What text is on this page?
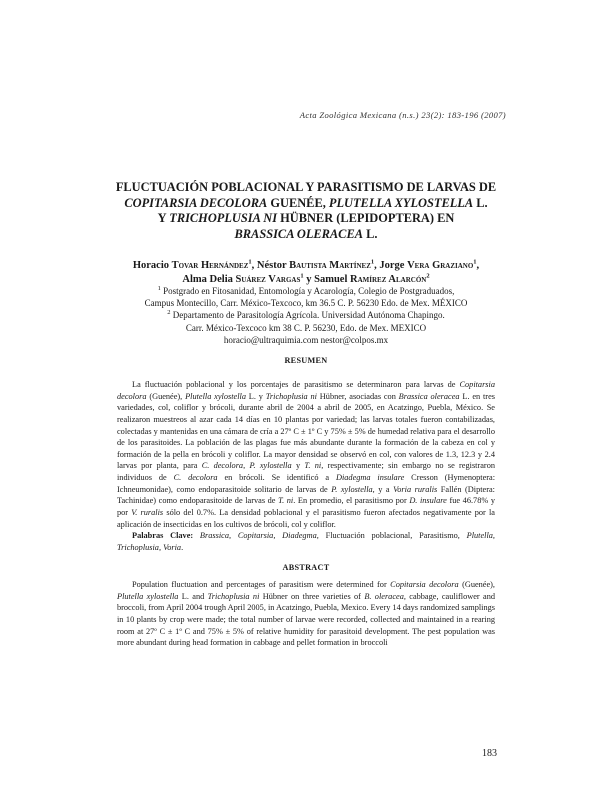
Acta Zoológica Mexicana (n.s.) 23(2): 183-196 (2007)
FLUCTUACIÓN POBLACIONAL Y PARASITISMO DE LARVAS DE
COPITARSIA DECOLORA GUENÉE, PLUTELLA XYLOSTELLA L.
Y TRICHOPLUSIA NI HÜBNER (LEPIDOPTERA) EN
BRASSICA OLERACEA L.
Horacio Tovar Hernández$^1$, Néstor Bautista Martínez$^1$, Jorge Vera Graziano$^1$,
Alma Delia Suárez Vargas$^1$ y Samuel Ramírez Alarcón$^2$
$^1$ Postgrado en Fitosanidad, Entomología y Acarología, Colegio de Postgraduados,
Campus Montecillo, Carr. México-Texcoco, km 36.5 C. P. 56230 Edo. de Mex. MÉXICO
$^2$ Departamento de Parasitología Agrícola. Universidad Autónoma Chapingo.
Carr. México-Texcoco km 38 C. P. 56230, Edo. de Mex. MEXICO
horacio@ultraquimia.com nestor@colpos.mx
RESUMEN

La fluctuación poblacional y los porcentajes de parasitismo se determinaron para larvas de Copitarsia decolora (Guenée), Plutella xylostella L. y Trichoplusia ni Hübner, asociadas con Brassica oleracea L. en tres variedades, col, coliflor y brócoli, durante abril de 2004 a abril de 2005, en Acatzingo, Puebla, México. Se realizaron muestreos al azar cada 14 días en 10 plantas por variedad; las larvas totales fueron contabilizadas, colectadas y mantenidas en una cámara de cría a 27º C ± 1º C y 75% ± 5% de humedad relativa para el desarrollo de los parasitoides. La población de las plagas fue más abundante durante la formación de la cabeza en col y formación de la pella en brócoli y coliflor. La mayor densidad se observó en col, con valores de 1.3, 12.3 y 2.4 larvas por planta, para C. decolora, P. xylostella y T. ni, respectivamente; sin embargo no se registraron individuos de C. decolora en brócoli. Se identificó a Diadegma insulare Cresson (Hymenoptera: Ichneumonidae), como endoparasitoide solitario de larvas de P. xylostella, y a Voria ruralis Fallén (Diptera: Tachinidae) como endoparasitoide de larvas de T. ni. En promedio, el parasitismo por D. insulare fue 46.78% y por V. ruralis sólo del 0.7%. La densidad poblacional y el parasitismo fueron afectados negativamente por la aplicación de insecticidas en los cultivos de brócoli, col y coliflor.

Palabras Clave: Brassica, Copitarsia, Diadegma, Fluctuación poblacional, Parasitismo, Plutella, Trichoplusia, Voria.

ABSTRACT

Population fluctuation and percentages of parasitism were determined for Copitarsia decolora (Guenée), Plutella xylostella L. and Trichoplusia ni Hübner on three varieties of B. oleracea, cabbage, cauliflower and broccoli, from April 2004 trough April 2005, in Acatzingo, Puebla, Mexico. Every 14 days randomized samplings in 10 plants by crop were made; the total number of larvae were recorded, collected and maintained in a rearing room at 27º C ± 1º C and 75% ± 5% of relative humidity for parasitoid development. The pest population was more abundant during head formation in cabbage and pellet formation in broccoli

183
